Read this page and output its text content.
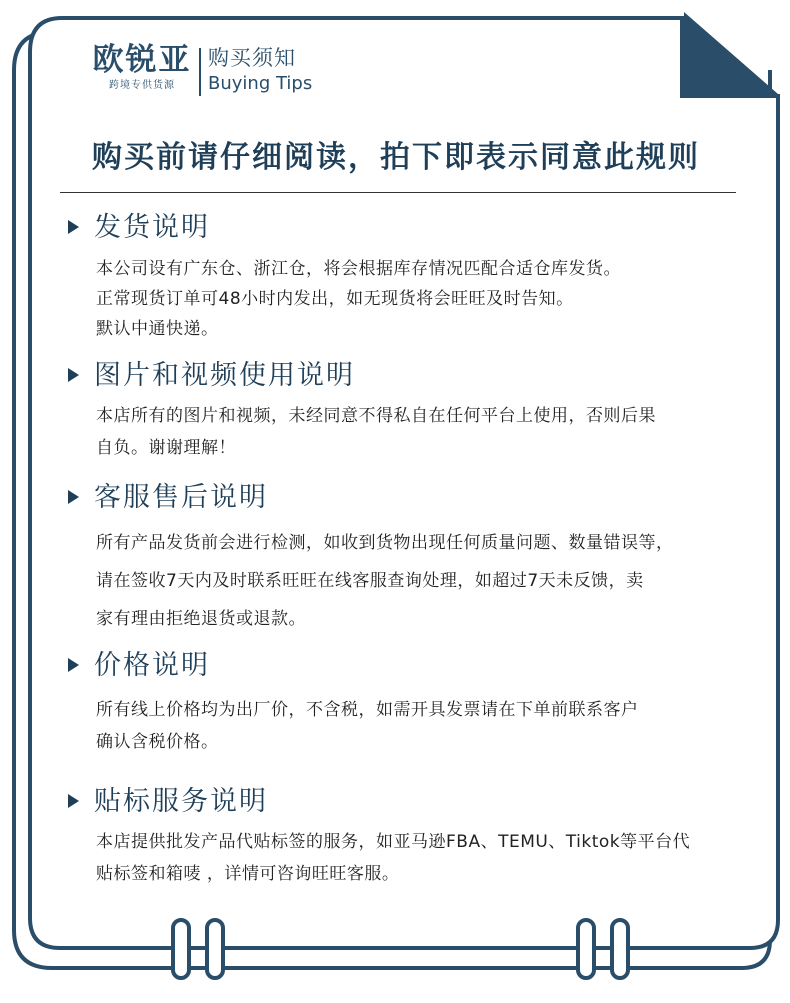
欧锐亚
跨境专供货源
购买须知
Buying Tips
购买前请仔细阅读，拍下即表示同意此规则
发货说明
本公司设有广东仓、浙江仓，将会根据库存情况匹配合适仓库发货。
正常现货订单可48小时内发出，如无现货将会旺旺及时告知。
默认中通快递。
图片和视频使用说明
本店所有的图片和视频，未经同意不得私自在任何平台上使用，否则后果
自负。谢谢理解！
客服售后说明
所有产品发货前会进行检测，如收到货物出现任何质量问题、数量错误等，
请在签收7天内及时联系旺旺在线客服查询处理，如超过7天未反馈，卖
家有理由拒绝退货或退款。
价格说明
所有线上价格均为出厂价，不含税，如需开具发票请在下单前联系客户
确认含税价格。
贴标服务说明
本店提供批发产品代贴标签的服务，如亚马逊FBA、TEMU、Tiktok等平台代
贴标签和箱唛 ，详情可咨询旺旺客服。
